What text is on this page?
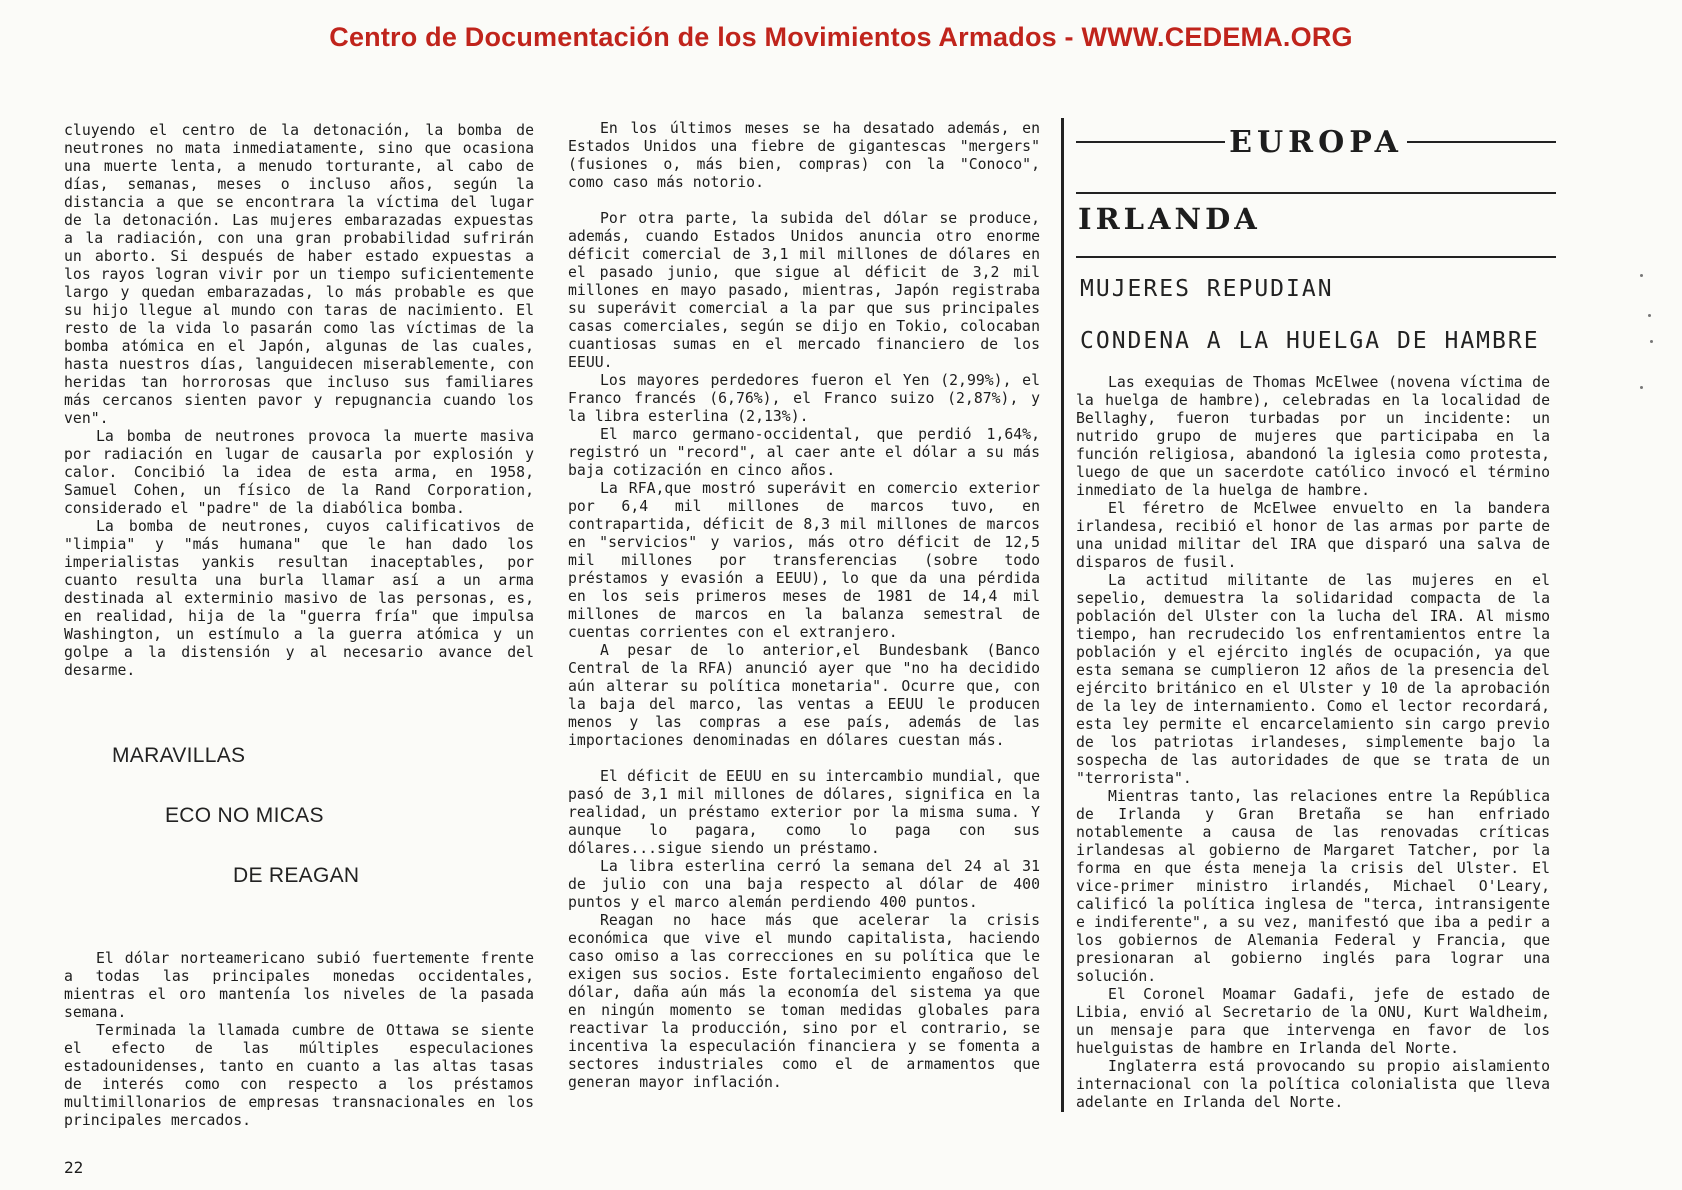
Centro de Documentación de los Movimientos Armados - WWW.CEDEMA.ORG

cluyendo el centro de la detonación, la bomba de neutrones no mata inmediatamente, sino que ocasiona una muerte lenta, a menudo torturante, al cabo de días, semanas, meses o incluso años, según la distancia a que se encontrara la víctima del lugar de la detonación. Las mujeres embarazadas expuestas a la radiación, con una gran probabilidad sufrirán un aborto. Si después de haber estado expuestas a los rayos logran vivir por un tiempo suficientemente largo y quedan embarazadas, lo más probable es que su hijo llegue al mundo con taras de nacimiento. El resto de la vida lo pasarán como las víctimas de la bomba atómica en el Japón, algunas de las cuales, hasta nuestros días, languidecen miserablemente, con heridas tan horrorosas que incluso sus familiares más cercanos sienten pavor y repugnancia cuando los ven".

La bomba de neutrones provoca la muerte masiva por radiación en lugar de causarla por explosión y calor. Concibió la idea de esta arma, en 1958, Samuel Cohen, un físico de la Rand Corporation, considerado el "padre" de la diabólica bomba.

La bomba de neutrones, cuyos calificativos de "limpia" y "más humana" que le han dado los imperialistas yankis resultan inaceptables, por cuanto resulta una burla llamar así a un arma destinada al exterminio masivo de las personas, es, en realidad, hija de la "guerra fría" que impulsa Washington, un estímulo a la guerra atómica y un golpe a la distensión y al necesario avance del desarme.

MARAVILLAS
ECO NO MICAS
DE REAGAN

El dólar norteamericano subió fuertemente frente a todas las principales monedas occidentales, mientras el oro mantenía los niveles de la pasada semana.

Terminada la llamada cumbre de Ottawa se siente el efecto de las múltiples especulaciones estadounidenses, tanto en cuanto a las altas tasas de interés como con respecto a los préstamos multimillonarios de empresas transnacionales en los principales mercados.

En los últimos meses se ha desatado además, en Estados Unidos una fiebre de gigantescas "mergers" (fusiones o, más bien, compras) con la "Conoco", como caso más notorio.

Por otra parte, la subida del dólar se produce, además, cuando Estados Unidos anuncia otro enorme déficit comercial de 3,1 mil millones de dólares en el pasado junio, que sigue al déficit de 3,2 mil millones en mayo pasado, mientras, Japón registraba su superávit comercial a la par que sus principales casas comerciales, según se dijo en Tokio, colocaban cuantiosas sumas en el mercado financiero de los EEUU.

Los mayores perdedores fueron el Yen (2,99%), el Franco francés (6,76%), el Franco suizo (2,87%), y la libra esterlina (2,13%).

El marco germano-occidental, que perdió 1,64%, registró un "record", al caer ante el dólar a su más baja cotización en cinco años.

La RFA,que mostró superávit en comercio exterior por 6,4 mil millones de marcos tuvo, en contrapartida, déficit de 8,3 mil millones de marcos en "servicios" y varios, más otro déficit de 12,5 mil millones por transferencias (sobre todo préstamos y evasión a EEUU), lo que da una pérdida en los seis primeros meses de 1981 de 14,4 mil millones de marcos en la balanza semestral de cuentas corrientes con el extranjero.

A pesar de lo anterior,el Bundesbank (Banco Central de la RFA) anunció ayer que "no ha decidido aún alterar su política monetaria". Ocurre que, con la baja del marco, las ventas a EEUU le producen menos y las compras a ese país, además de las importaciones denominadas en dólares cuestan más.

El déficit de EEUU en su intercambio mundial, que pasó de 3,1 mil millones de dólares, significa en la realidad, un préstamo exterior por la misma suma. Y aunque lo pagara, como lo paga con sus dólares...sigue siendo un préstamo.

La libra esterlina cerró la semana del 24 al 31 de julio con una baja respecto al dólar de 400 puntos y el marco alemán perdiendo 400 puntos.

Reagan no hace más que acelerar la crisis económica que vive el mundo capitalista, haciendo caso omiso a las correcciones en su política que le exigen sus socios. Este fortalecimiento engañoso del dólar, daña aún más la economía del sistema ya que en ningún momento se toman medidas globales para reactivar la producción, sino por el contrario, se incentiva la especulación financiera y se fomenta a sectores industriales como el de armamentos que generan mayor inflación.

EUROPA
IRLANDA
MUJERES REPUDIAN
CONDENA A LA HUELGA DE HAMBRE

Las exequias de Thomas McElwee (novena víctima de la huelga de hambre), celebradas en la localidad de Bellaghy, fueron turbadas por un incidente: un nutrido grupo de mujeres que participaba en la función religiosa, abandonó la iglesia como protesta, luego de que un sacerdote católico invocó el término inmediato de la huelga de hambre.

El féretro de McElwee envuelto en la bandera irlandesa, recibió el honor de las armas por parte de una unidad militar del IRA que disparó una salva de disparos de fusil.

La actitud militante de las mujeres en el sepelio, demuestra la solidaridad compacta de la población del Ulster con la lucha del IRA. Al mismo tiempo, han recrudecido los enfrentamientos entre la población y el ejército inglés de ocupación, ya que esta semana se cumplieron 12 años de la presencia del ejército británico en el Ulster y 10 de la aprobación de la ley de internamiento. Como el lector recordará, esta ley permite el encarcelamiento sin cargo previo de los patriotas irlandeses, simplemente bajo la sospecha de las autoridades de que se trata de un "terrorista".

Mientras tanto, las relaciones entre la República de Irlanda y Gran Bretaña se han enfriado notablemente a causa de las renovadas críticas irlandesas al gobierno de Margaret Tatcher, por la forma en que ésta meneja la crisis del Ulster. El vice-primer ministro irlandés, Michael O'Leary, calificó la política inglesa de "terca, intransigente e indiferente", a su vez, manifestó que iba a pedir a los gobiernos de Alemania Federal y Francia, que presionaran al gobierno inglés para lograr una solución.

El Coronel Moamar Gadafi, jefe de estado de Libia, envió al Secretario de la ONU, Kurt Waldheim, un mensaje para que intervenga en favor de los huelguistas de hambre en Irlanda del Norte.

Inglaterra está provocando su propio aislamiento internacional con la política colonialista que lleva adelante en Irlanda del Norte.

22
